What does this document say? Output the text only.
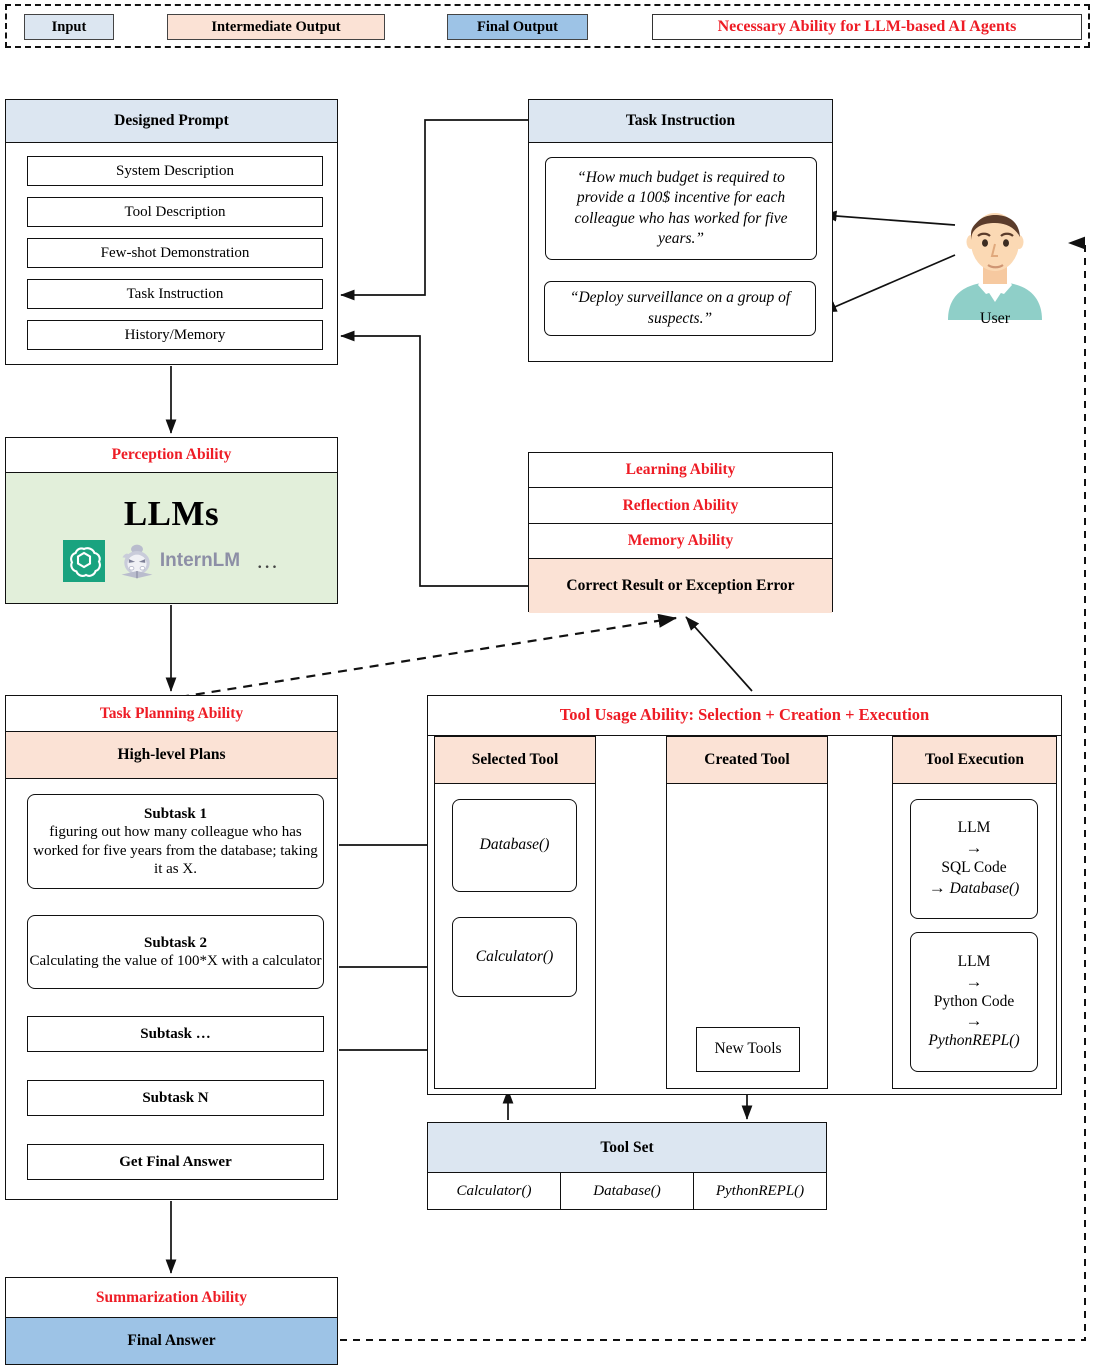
Input	Intermediate Output	Final Output	Necessary Ability for LLM-based AI Agents
Designed Prompt
System Description
Tool Description
Few-shot Demonstration
Task Instruction
History/Memory
Task Instruction
“How much budget is required to provide a 100$ incentive for each colleague who has worked for five years.”
“Deploy surveillance on a group of suspects.”	User
Perception Ability
LLMs
InternLM …
Learning Ability
Reflection Ability
Memory Ability
Correct Result or Exception Error
Task Planning Ability
High-level Plans
Subtask 1
figuring out how many colleague who has worked for five years from the database; taking it as X.
Subtask 2
Calculating the value of 100*X with a calculator
Subtask …
Subtask N
Get Final Answer
Tool Usage Ability: Selection + Creation + Execution
Selected Tool
Database()
Calculator()
Created Tool
New Tools
Tool Execution
LLM
→
SQL Code
→ Database()
LLM
→
Python Code
→
PythonREPL()
Tool Set
Calculator()	Database()	PythonREPL()
Summarization Ability
Final Answer
